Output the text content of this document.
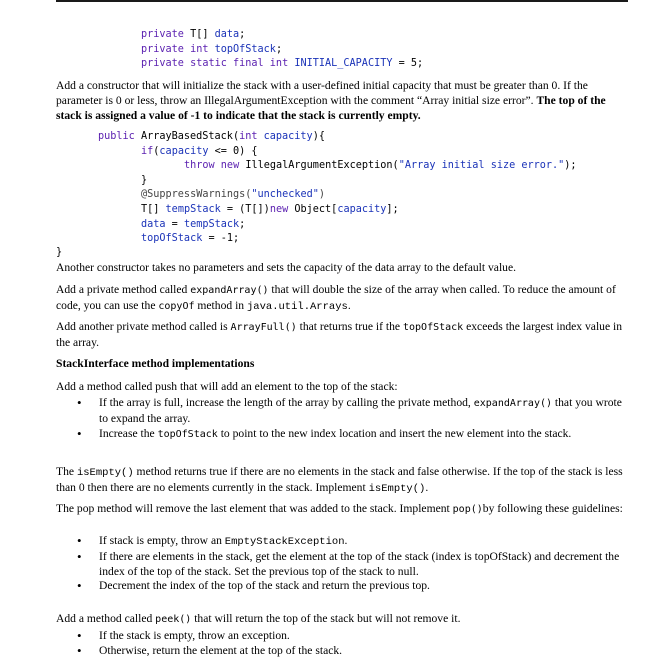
private T[] data;
private int topOfStack;
private static final int INITIAL_CAPACITY = 5;

Add a constructor that will initialize the stack with a user-defined initial capacity that must be greater than 0. If the parameter is 0 or less, throw an IllegalArgumentException with the comment “Array initial size error”. The top of the stack is assigned a value of -1 to indicate that the stack is currently empty.

public ArrayBasedStack(int capacity){
if(capacity <= 0) {
throw new IllegalArgumentException("Array initial size error.");
}
@SuppressWarnings("unchecked")
T[] tempStack = (T[])new Object[capacity];
data = tempStack;
topOfStack = -1;
}

Another constructor takes no parameters and sets the capacity of the data array to the default value.

Add a private method called expandArray() that will double the size of the array when called. To reduce the amount of code, you can use the copyOf method in java.util.Arrays.

Add another private method called is ArrayFull() that returns true if the topOfStack exceeds the largest index value in the array.

StackInterface method implementations

Add a method called push that will add an element to the top of the stack:

• If the array is full, increase the length of the array by calling the private method, expandArray() that you wrote to expand the array.
• Increase the topOfStack to point to the new index location and insert the new element into the stack.

The isEmpty() method returns true if there are no elements in the stack and false otherwise. If the top of the stack is less than 0 then there are no elements currently in the stack. Implement isEmpty().

The pop method will remove the last element that was added to the stack. Implement pop()by following these guidelines:

• If stack is empty, throw an EmptyStackException.
• If there are elements in the stack, get the element at the top of the stack (index is topOfStack) and decrement the index of the top of the stack. Set the previous top of the stack to null.
• Decrement the index of the top of the stack and return the previous top.

Add a method called peek() that will return the top of the stack but will not remove it.

• If the stack is empty, throw an exception.
• Otherwise, return the element at the top of the stack.
